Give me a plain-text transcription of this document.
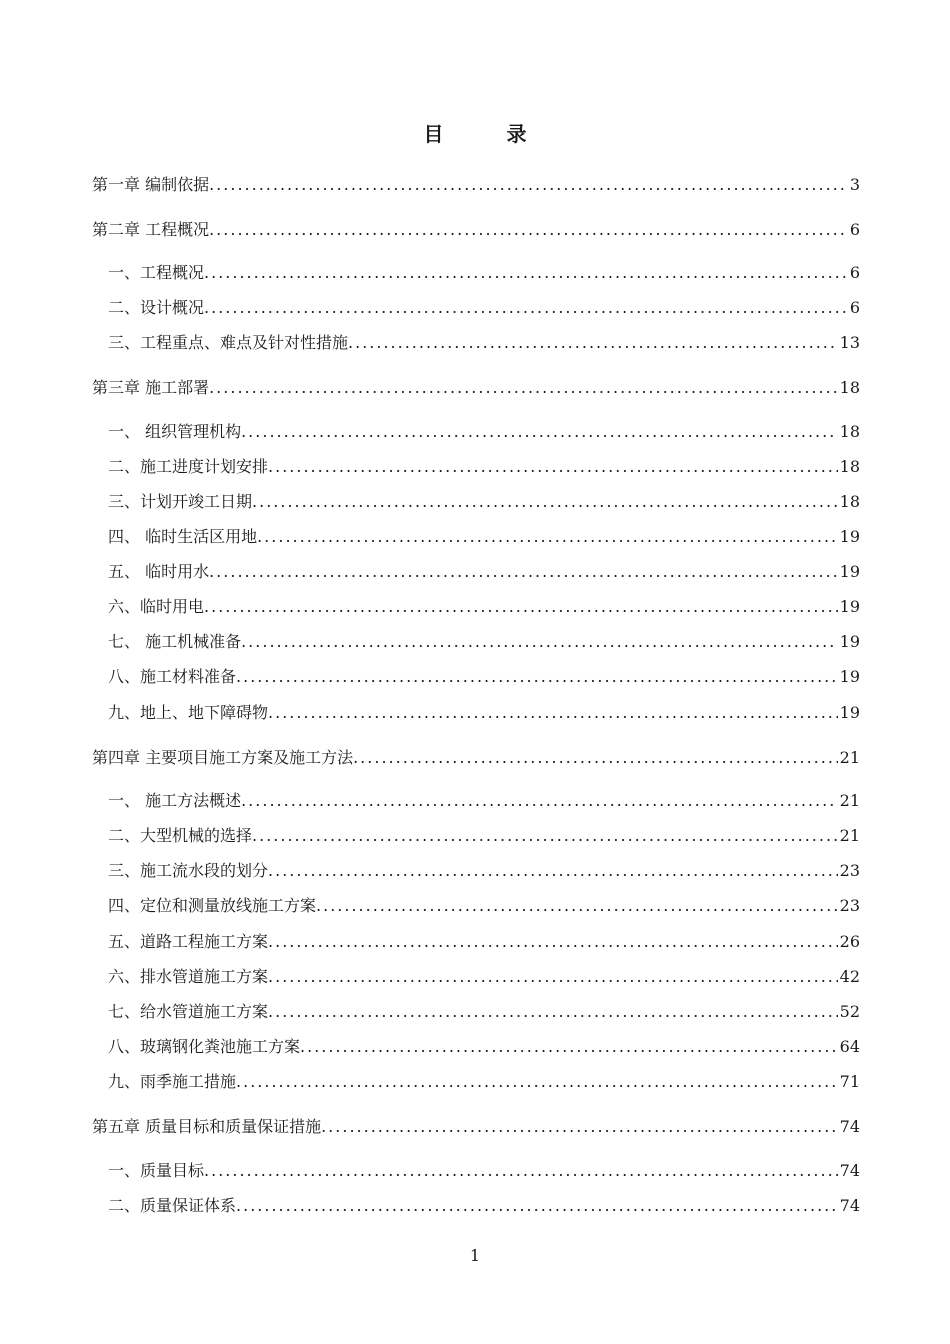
目 录
第一章 编制依据 .....	3
第二章 工程概况 .....	6
一、工程概况 .....	6
二、设计概况 .....	6
三、工程重点、难点及针对性措施 .....	13
第三章 施工部署 .....	18
一、 组织管理机构 .....	18
二、施工进度计划安排 .....	18
三、计划开竣工日期 .....	18
四、 临时生活区用地 .....	19
五、 临时用水 .....	19
六、临时用电 .....	19
七、 施工机械准备 .....	19
八、施工材料准备 .....	19
九、地上、地下障碍物 .....	19
第四章 主要项目施工方案及施工方法 .....	21
一、 施工方法概述 .....	21
二、大型机械的选择 .....	21
三、施工流水段的划分 .....	23
四、定位和测量放线施工方案 .....	23
五、道路工程施工方案 .....	26
六、排水管道施工方案 .....	42
七、给水管道施工方案 .....	52
八、玻璃钢化粪池施工方案 .....	64
九、雨季施工措施 .....	71
第五章 质量目标和质量保证措施 .....	74
一、质量目标 .....	74
二、质量保证体系 .....	74
1
